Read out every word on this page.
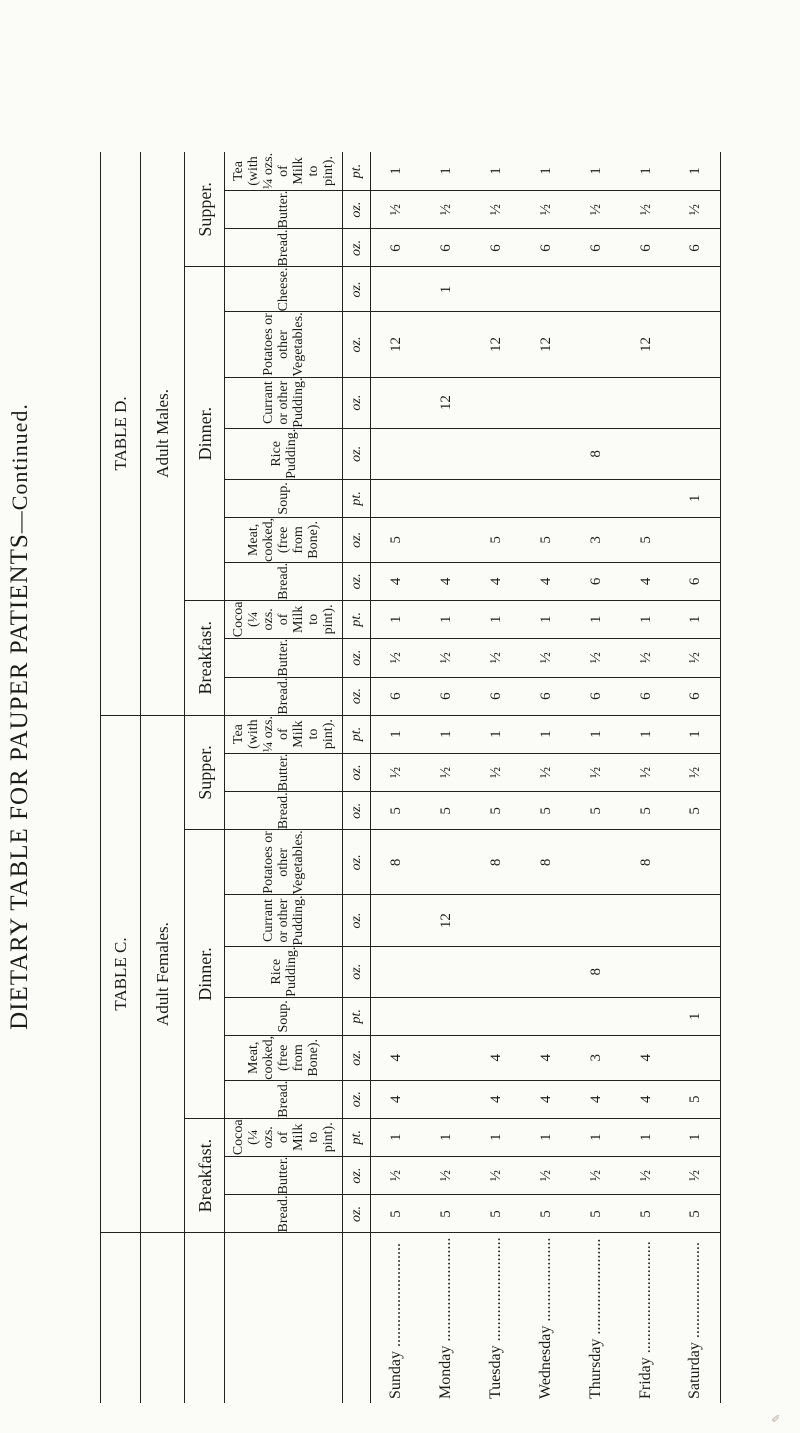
DIETARY TABLE FOR PAUPER PATIENTS
—Continued.
	TABLE C.												TABLE D.												
	Adult Females.												Adult Males.												
	Breakfast.			Dinner.						Supper.			Breakfast.			Dinner.							Supper.		
	Bread.	Butter.	Cocoa (¼ ozs. of Milk to pint).	Bread.	Meat, cooked, (free from Bone).	Soup.	Rice Pudding.	Currant or other Pudding.	Potatoes or other Vegetables.	Bread.	Butter.	Tea (with ¼ ozs. of Milk to pint).	Bread.	Butter.	Cocoa (¼ ozs. of Milk to pint).	Bread.	Meat, cooked, (free from Bone).	Soup.	Rice Pudding.	Currant or other Pudding.	Potatoes or other Vegetables.	Cheese.	Bread.	Butter.	Tea (with ¼ ozs. of Milk to pint).
	oz.	oz.	pt.	oz.	oz.	pt.	oz.	oz.	oz.	oz.	oz.	pt.	oz.	oz.	pt.	oz.	oz.	pt.	oz.	oz.	oz.	oz.	oz.	oz.	pt.
Sunday ..........................	5	½	1	4	4				8	5	½	1	6	½	1	4	5				12		6	½	1
Monday ..........................	5	½	1					12		5	½	1	6	½	1	4				12		1	6	½	1
Tuesday ..........................	5	½	1	4	4				8	5	½	1	6	½	1	4	5				12		6	½	1
Wednesday .....................	5	½	1	4	4				8	5	½	1	6	½	1	4	5				12		6	½	1
Thursday ........................	5	½	1	4	3		8			5	½	1	6	½	1	6	3		8				6	½	1
Friday ............................	5	½	1	4	4				8	5	½	1	6	½	1	4	5				12		6	½	1
Saturday ........................	5	½	1	5		1				5	½	1	6	½	1	6		1					6	½	1
✎
